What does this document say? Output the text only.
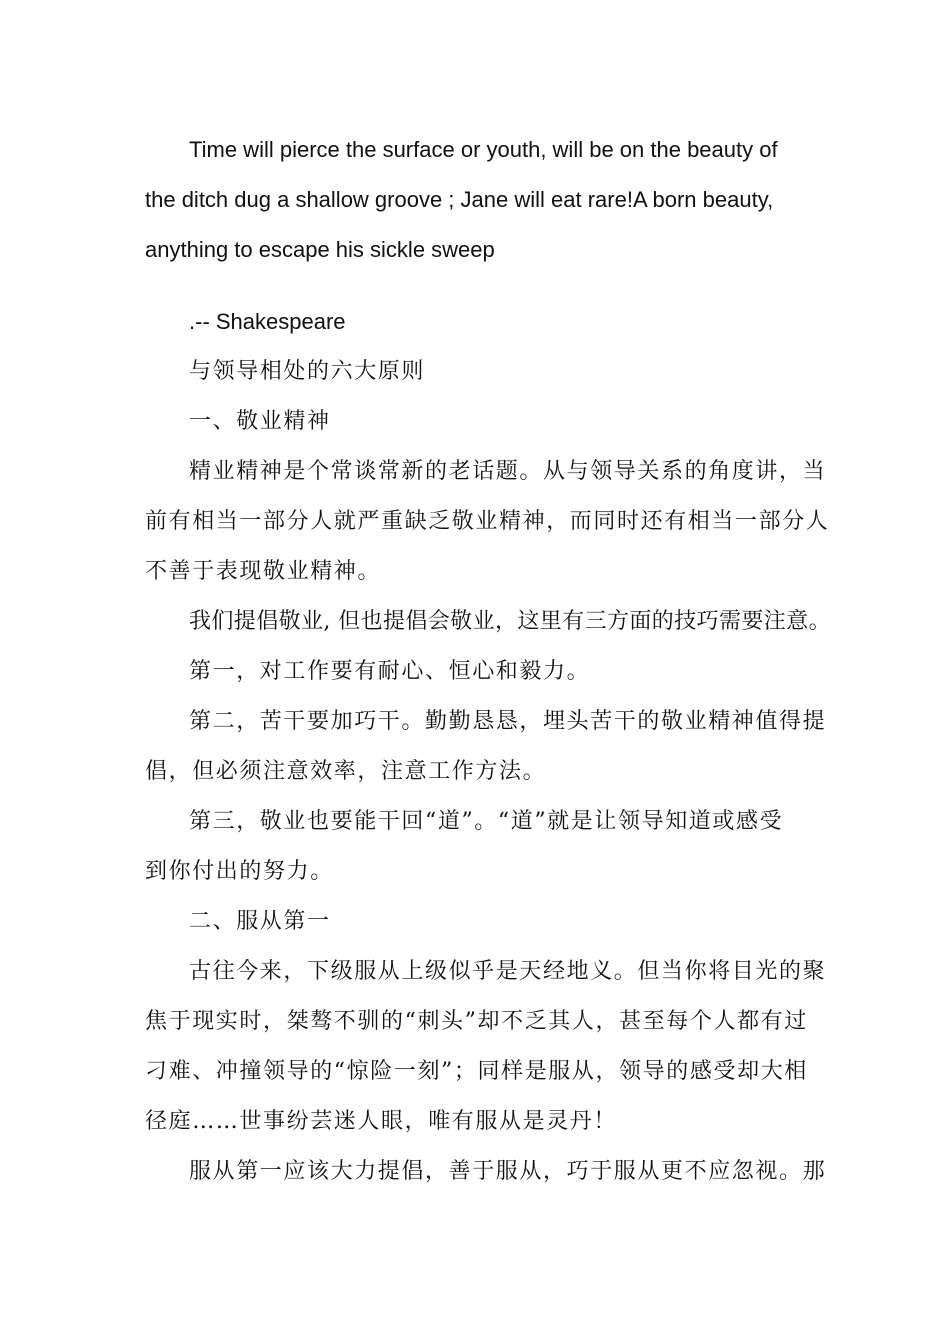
Time will pierce the surface or youth, will be on the beauty of
the ditch dug a shallow groove ; Jane will eat rare!A born beauty,
anything to escape his sickle sweep
.-- Shakespeare
与领导相处的六大原则
一、敬业精神
精业精神是个常谈常新的老话题。从与领导关系的角度讲，当
前有相当一部分人就严重缺乏敬业精神，而同时还有相当一部分人
不善于表现敬业精神。
我们提倡敬业, 但也提倡会敬业，这里有三方面的技巧需要注意。
第一，对工作要有耐心、恒心和毅力。
第二，苦干要加巧干。勤勤恳恳，埋头苦干的敬业精神值得提
倡，但必须注意效率，注意工作方法。
第三，敬业也要能干回“道”。“道”就是让领导知道或感受
到你付出的努力。
二、服从第一
古往今来，下级服从上级似乎是天经地义。但当你将目光的聚
焦于现实时，桀骜不驯的“刺头”却不乏其人，甚至每个人都有过
刁难、冲撞领导的“惊险一刻”；同样是服从，领导的感受却大相
径庭……世事纷芸迷人眼，唯有服从是灵丹！
服从第一应该大力提倡，善于服从，巧于服从更不应忽视。那
